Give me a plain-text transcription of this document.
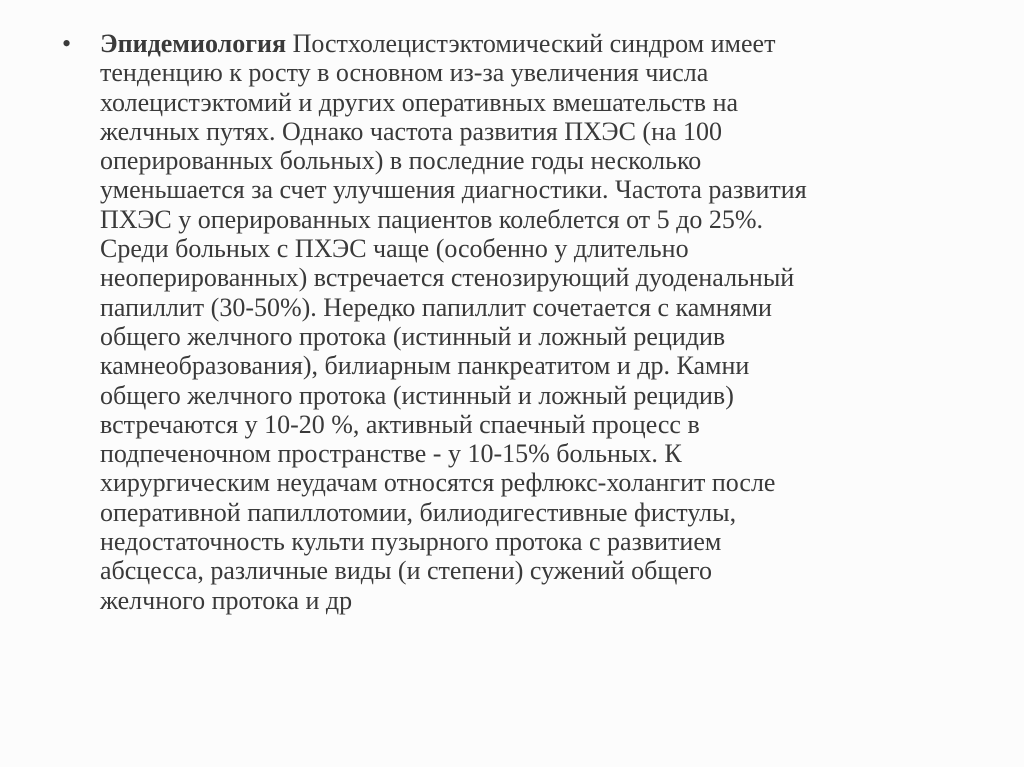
•	Эпидемиология Постхолецистэктомический синдром имеет
тенденцию к росту в основном из-за увеличения числа
холецистэктомий и других оперативных вмешательств на
желчных путях. Однако частота развития ПХЭС (на 100
оперированных больных) в последние годы несколько
уменьшается за счет улучшения диагностики. Частота развития
ПХЭС у оперированных пациентов колеблется от 5 до 25%.
Среди больных с ПХЭС чаще (особенно у длительно
неоперированных) встречается стенозирующий дуоденальный
папиллит (30-50%). Нередко папиллит сочетается с камнями
общего желчного протока (истинный и ложный рецидив
камнеобразования), билиарным панкреатитом и др. Камни
общего желчного протока (истинный и ложный рецидив)
встречаются у 10-20 %, активный спаечный процесс в
подпеченочном пространстве - у 10-15% больных. К
хирургическим неудачам относятся рефлюкс-холангит после
оперативной папиллотомии, билиодигестивные фистулы,
недостаточность культи пузырного протока с развитием
абсцесса, различные виды (и степени) сужений общего
желчного протока и др
